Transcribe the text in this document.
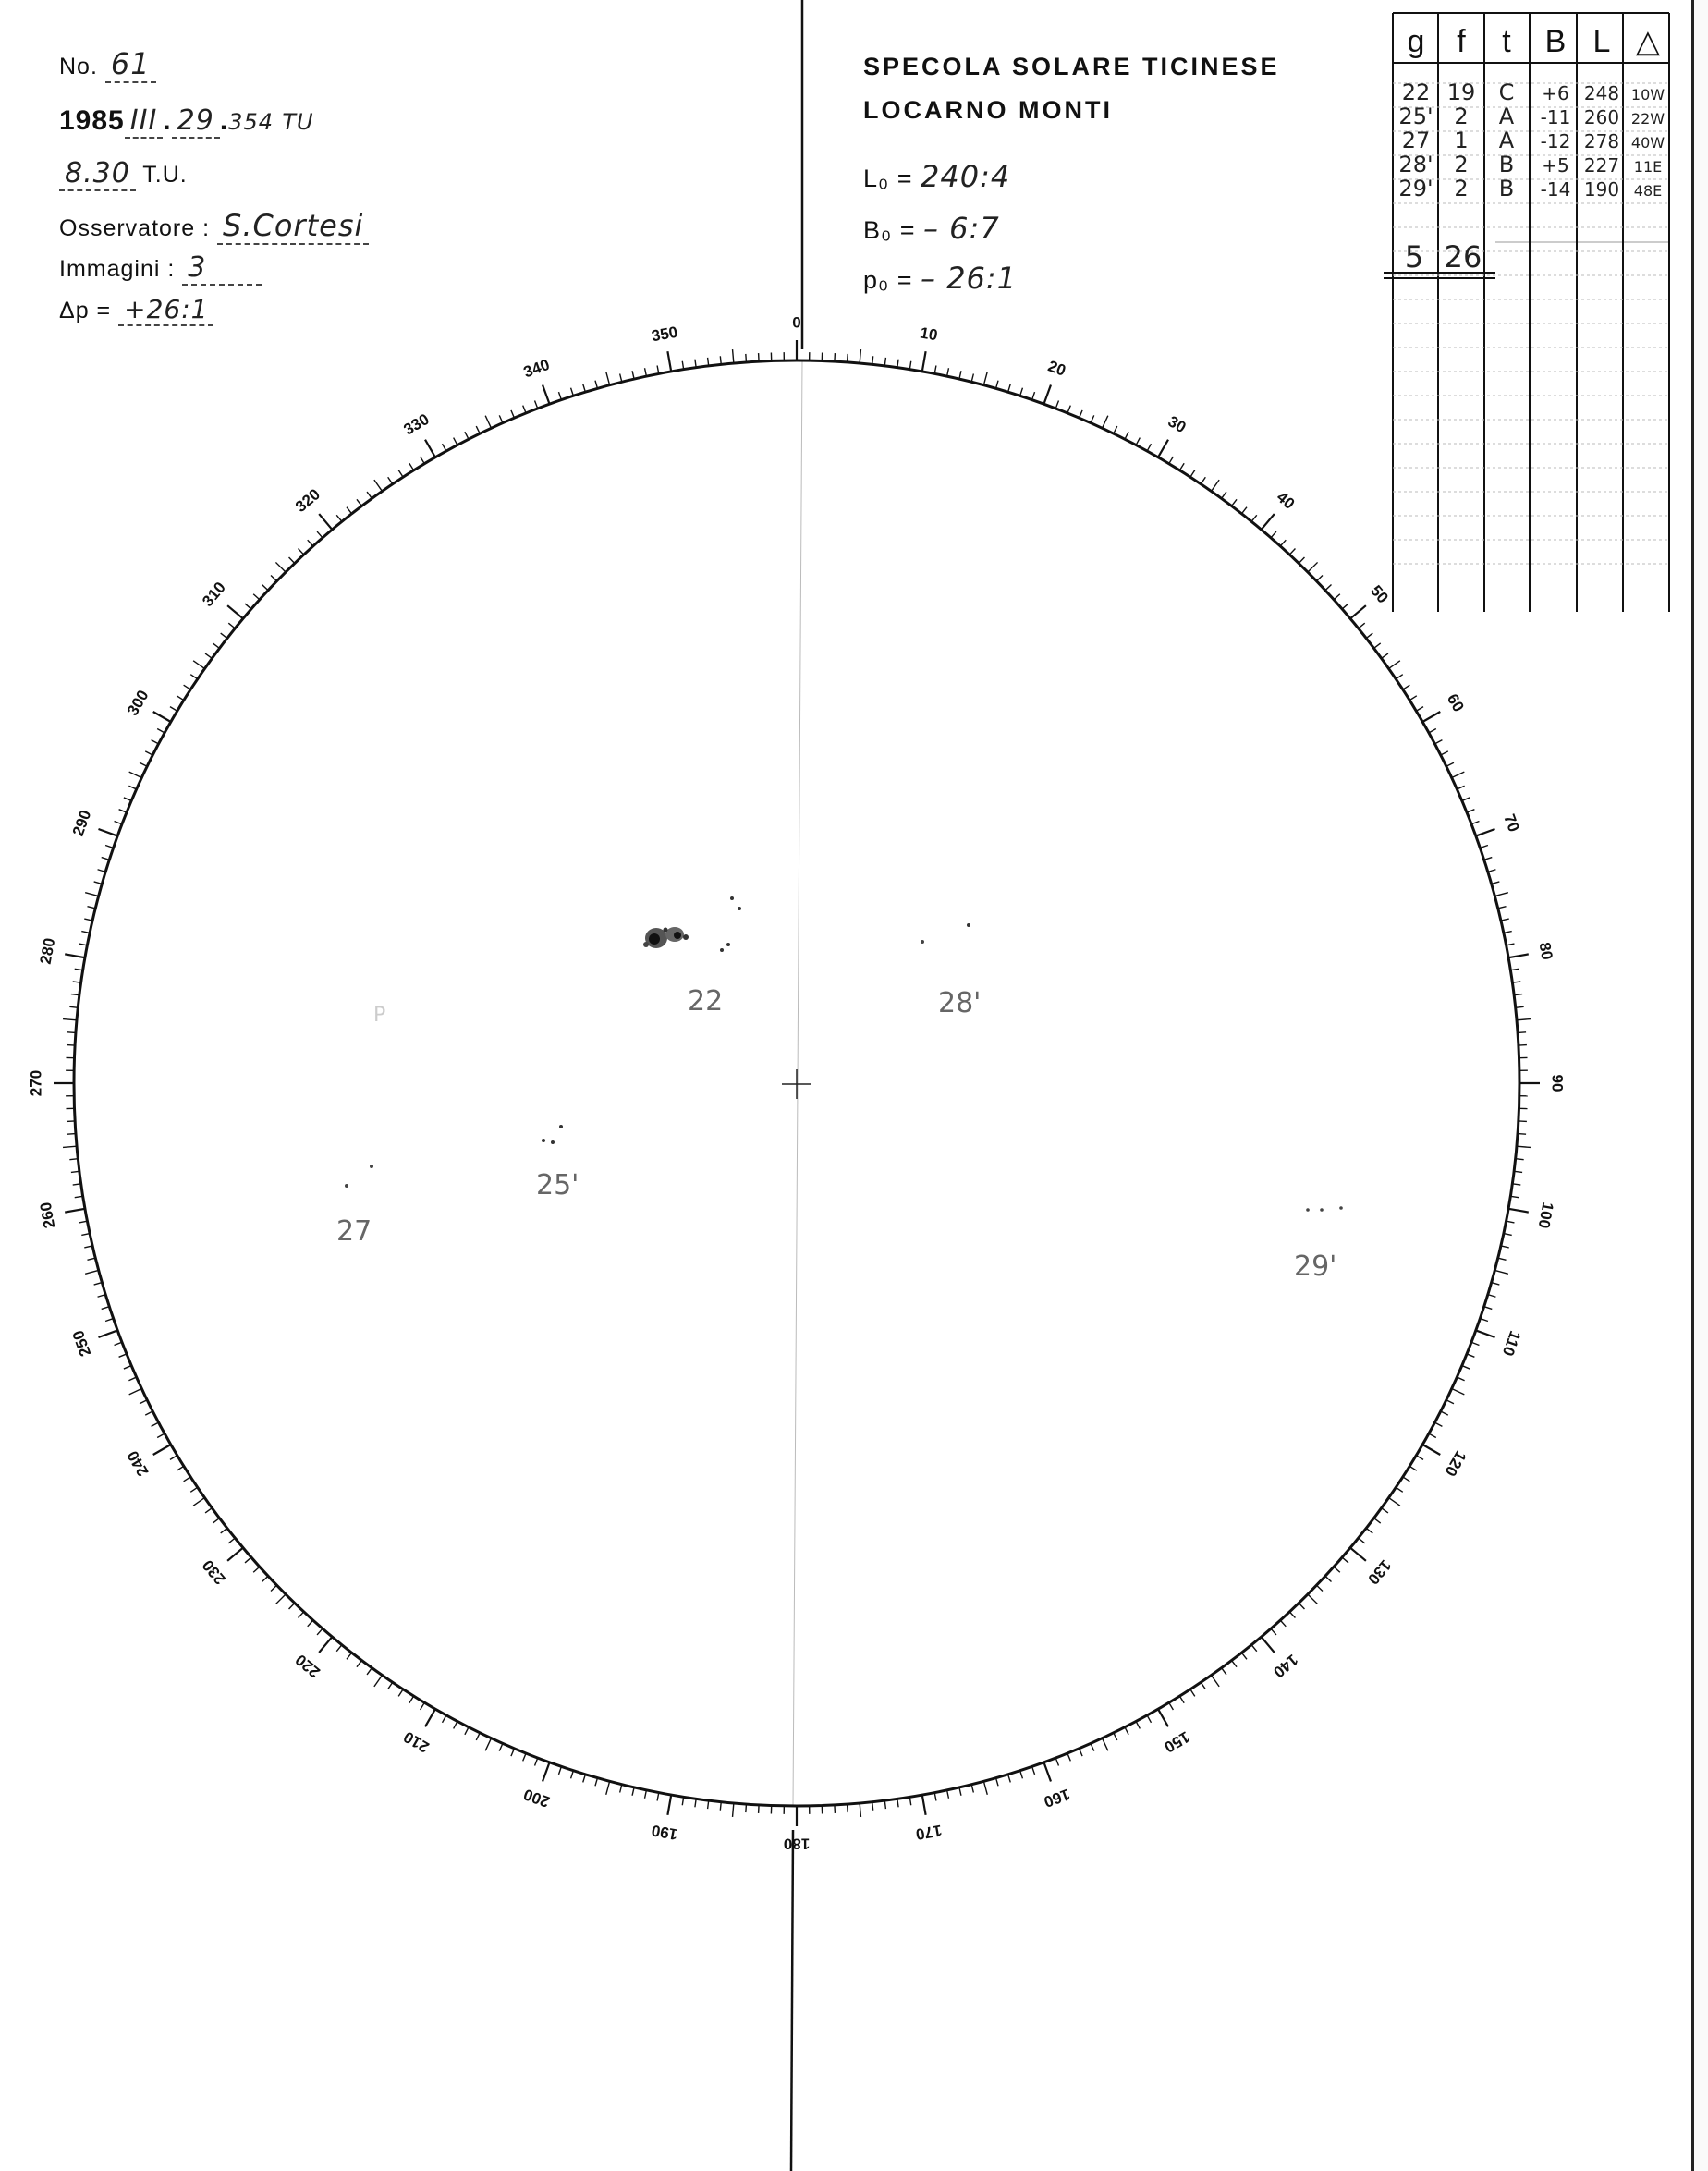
No. 61
1985 III . 29 .354 TU
8.30 T.U.
Osservatore : S.Cortesi
Immagini : 3
Δp = +26:1
SPECOLA SOLARE TICINESE
LOCARNO MONTI
L₀ = 240:4
B₀ = – 6:7
p₀ = – 26:1
0
10
20
30
40
50
60
70
80
90
100
110
120
130
140
150
160
170
180
190
200
210
220
230
240
250
260
270
280
290
300
310
320
330
340
350
P	22	28'
25'
27
29'
g f t B L △
22 19 C +6 248 10W
25' 2 A -11 260 22W
27 1 A -12 278 40W
28' 2 B +5 227 11E
29' 2 B -14 190 48E
5 26
